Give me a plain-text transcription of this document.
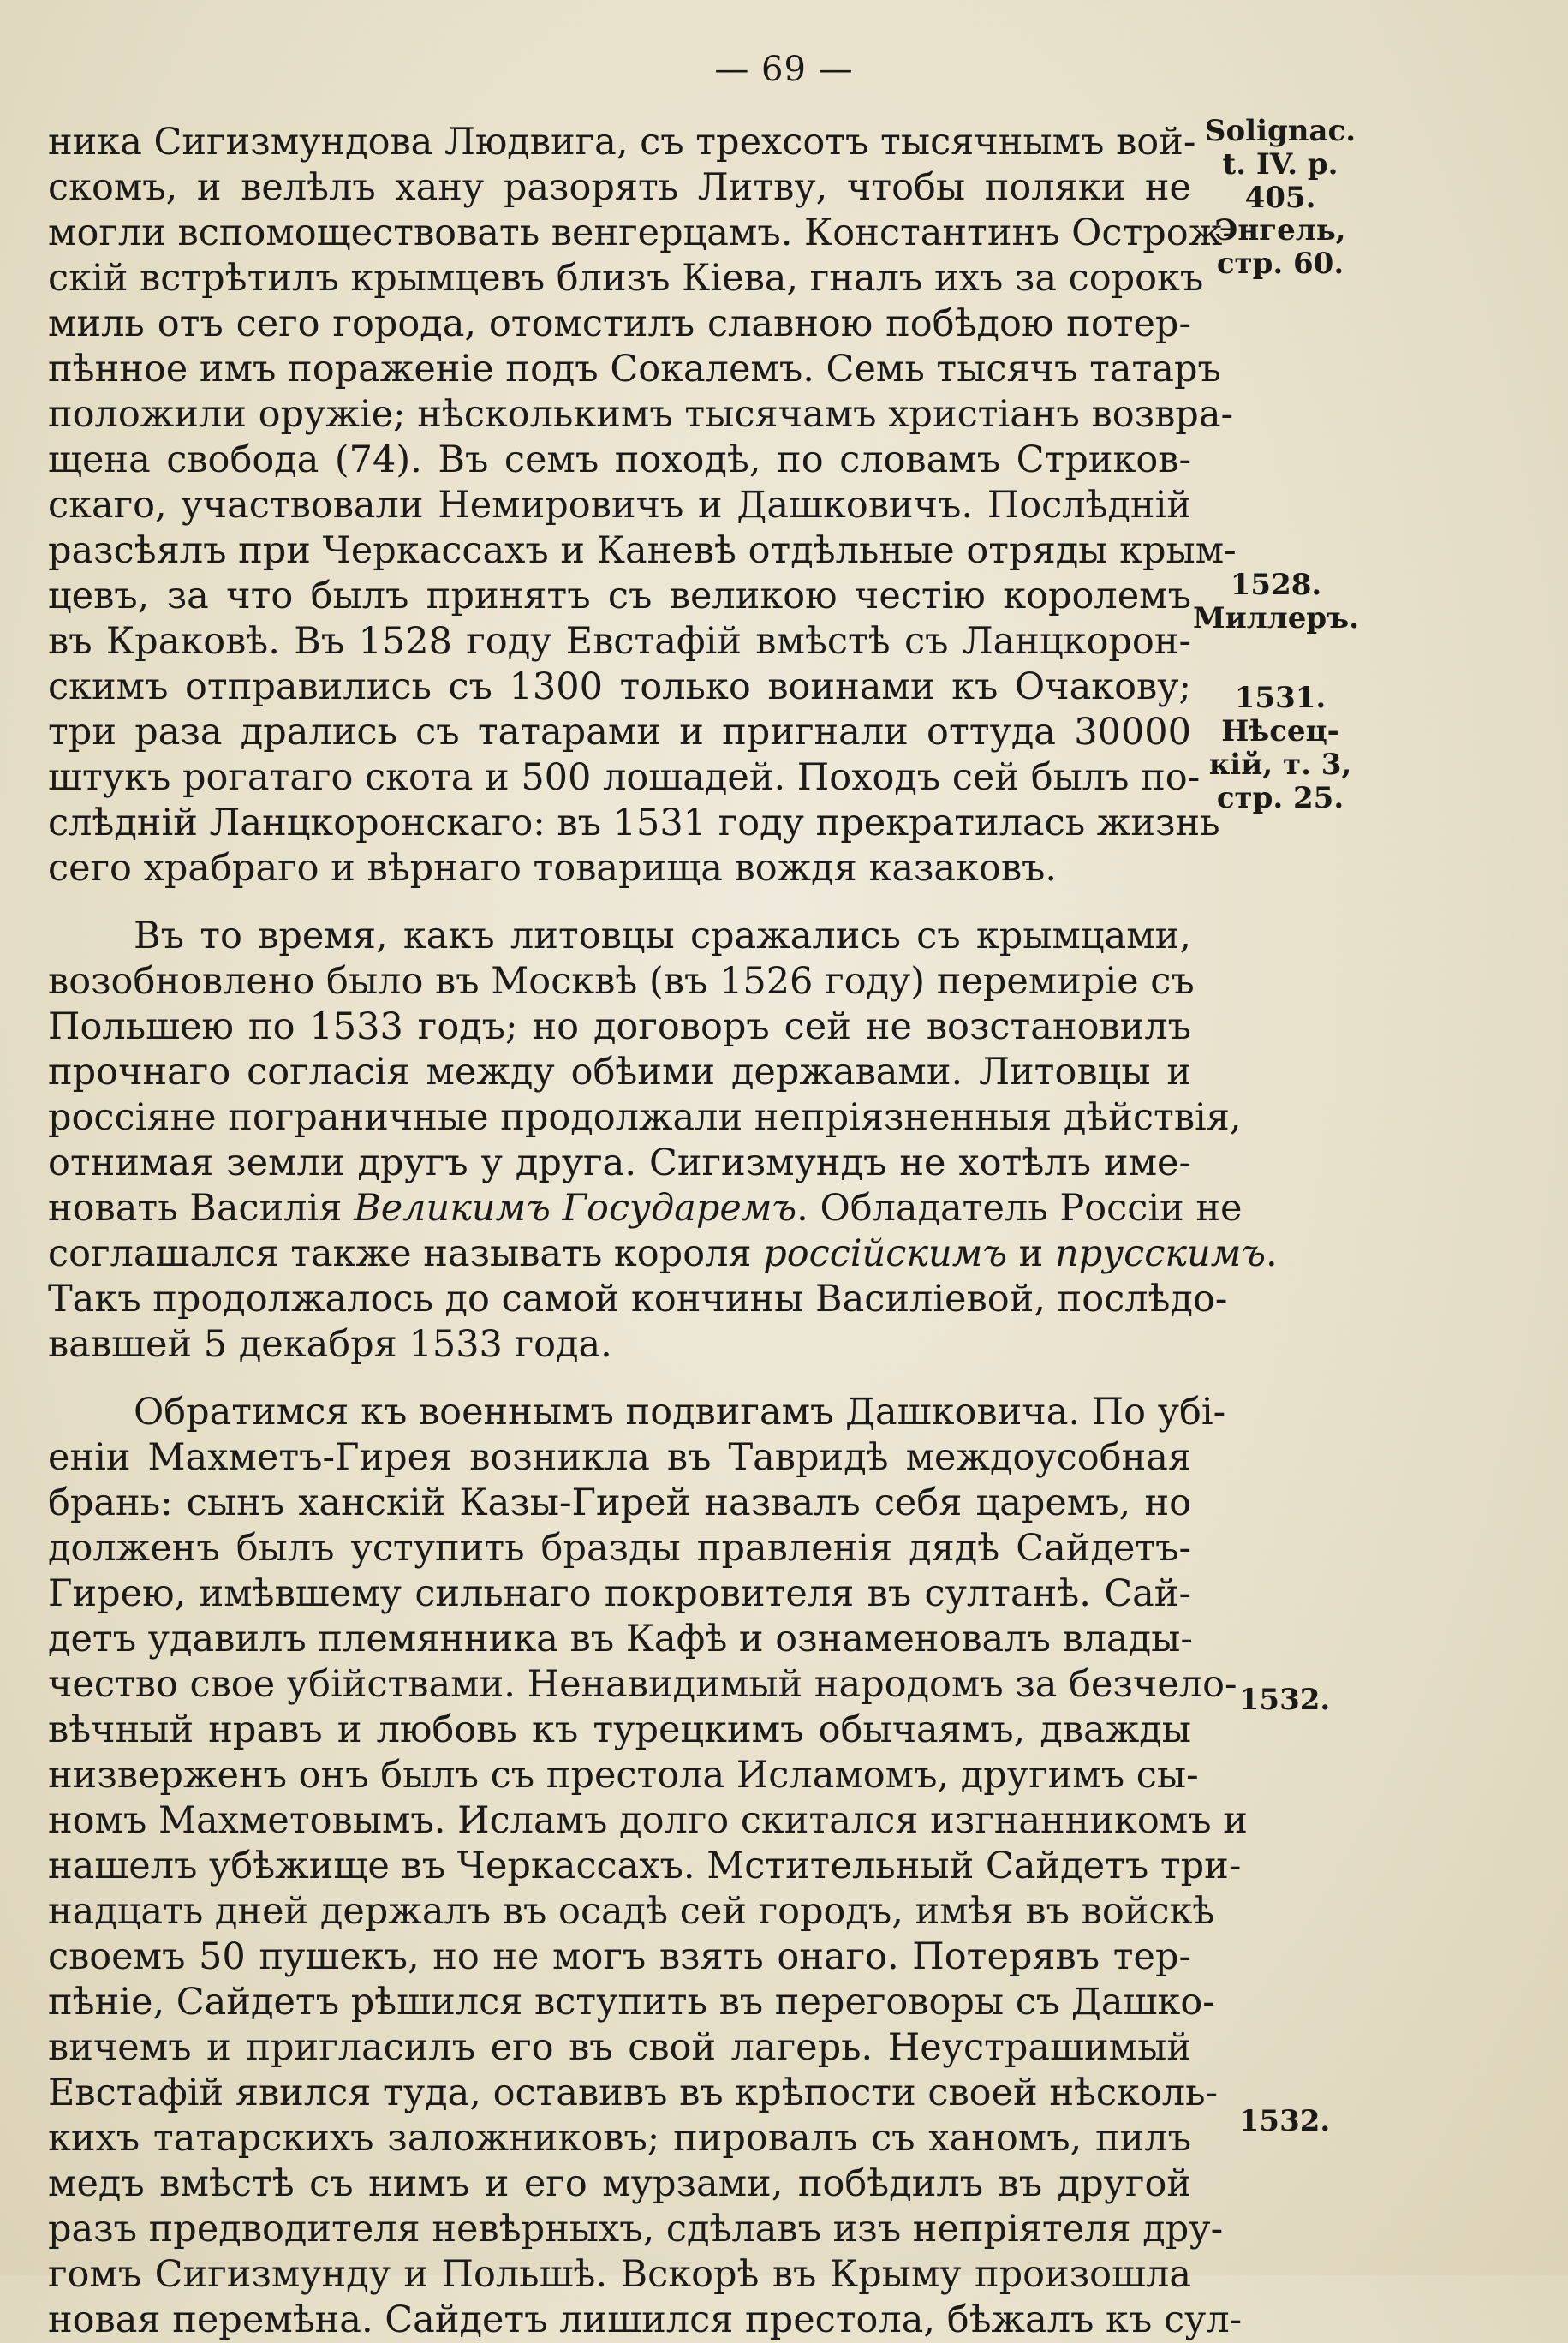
— 69 —
ника Сигизмундова Людвига, съ трехсотъ тысячнымъ вой-
скомъ, и велѣлъ хану разорять Литву, чтобы поляки не
могли вспомоществовать венгерцамъ. Константинъ Острож-
скій встрѣтилъ крымцевъ близъ Кіева, гналъ ихъ за сорокъ
миль отъ сего города, отомстилъ славною побѣдою потер-
пѣнное имъ пораженіе подъ Сокалемъ. Семь тысячъ татаръ
положили оружіе; нѣсколькимъ тысячамъ христіанъ возвра-
щена свобода (74). Въ семъ походѣ, по словамъ Стриков-
скаго, участвовали Немировичъ и Дашковичъ. Послѣдній
разсѣялъ при Черкассахъ и Каневѣ отдѣльные отряды крым-
цевъ, за что былъ принятъ съ великою честію королемъ
въ Краковѣ. Въ 1528 году Евстафій вмѣстѣ съ Ланцкорон-
скимъ отправились съ 1300 только воинами къ Очакову;
три раза дрались съ татарами и пригнали оттуда 30000
штукъ рогатаго скота и 500 лошадей. Походъ сей былъ по-
слѣдній Ланцкоронскаго: въ 1531 году прекратилась жизнь
сего храбраго и вѣрнаго товарища вождя казаковъ.
Въ то время, какъ литовцы сражались съ крымцами,
возобновлено было въ Москвѣ (въ 1526 году) перемиріе съ
Польшею по 1533 годъ; но договоръ сей не возстановилъ
прочнаго согласія между обѣими державами. Литовцы и
россіяне пограничные продолжали непріязненныя дѣйствія,
отнимая земли другъ у друга. Сигизмундъ не хотѣлъ име-
новать Василія Великимъ Государемъ. Обладатель Россіи не
соглашался также называть короля россійскимъ и прусскимъ.
Такъ продолжалось до самой кончины Василіевой, послѣдо-
вавшей 5 декабря 1533 года.
Обратимся къ военнымъ подвигамъ Дашковича. По убі-
еніи Махметъ-Гирея возникла въ Тавридѣ междоусобная
брань: сынъ ханскій Казы-Гирей назвалъ себя царемъ, но
долженъ былъ уступить бразды правленія дядѣ Сайдетъ-
Гирею, имѣвшему сильнаго покровителя въ султанѣ. Сай-
детъ удавилъ племянника въ Кафѣ и ознаменовалъ влады-
чество свое убійствами. Ненавидимый народомъ за безчело-
вѣчный нравъ и любовь къ турецкимъ обычаямъ, дважды
низверженъ онъ былъ съ престола Исламомъ, другимъ сы-
номъ Махметовымъ. Исламъ долго скитался изгнанникомъ и
нашелъ убѣжище въ Черкассахъ. Мстительный Сайдетъ три-
надцать дней держалъ въ осадѣ сей городъ, имѣя въ войскѣ
своемъ 50 пушекъ, но не могъ взять онаго. Потерявъ тер-
пѣніе, Сайдетъ рѣшился вступить въ переговоры съ Дашко-
вичемъ и пригласилъ его въ свой лагерь. Неустрашимый
Евстафій явился туда, оставивъ въ крѣпости своей нѣсколь-
кихъ татарскихъ заложниковъ; пировалъ съ ханомъ, пилъ
медъ вмѣстѣ съ нимъ и его мурзами, побѣдилъ въ другой
разъ предводителя невѣрныхъ, сдѣлавъ изъ непріятеля дру-
гомъ Сигизмунду и Польшѣ. Вскорѣ въ Крыму произошла
новая перемѣна. Сайдетъ лишился престола, бѣжалъ къ сул-
Solignac.
t. IV. p.
405.
Энгель,
стр. 60.
1528.
Миллеръ.
1531.
Нѣсец-
кій, т. 3,
стр. 25.
1532.
1532.
